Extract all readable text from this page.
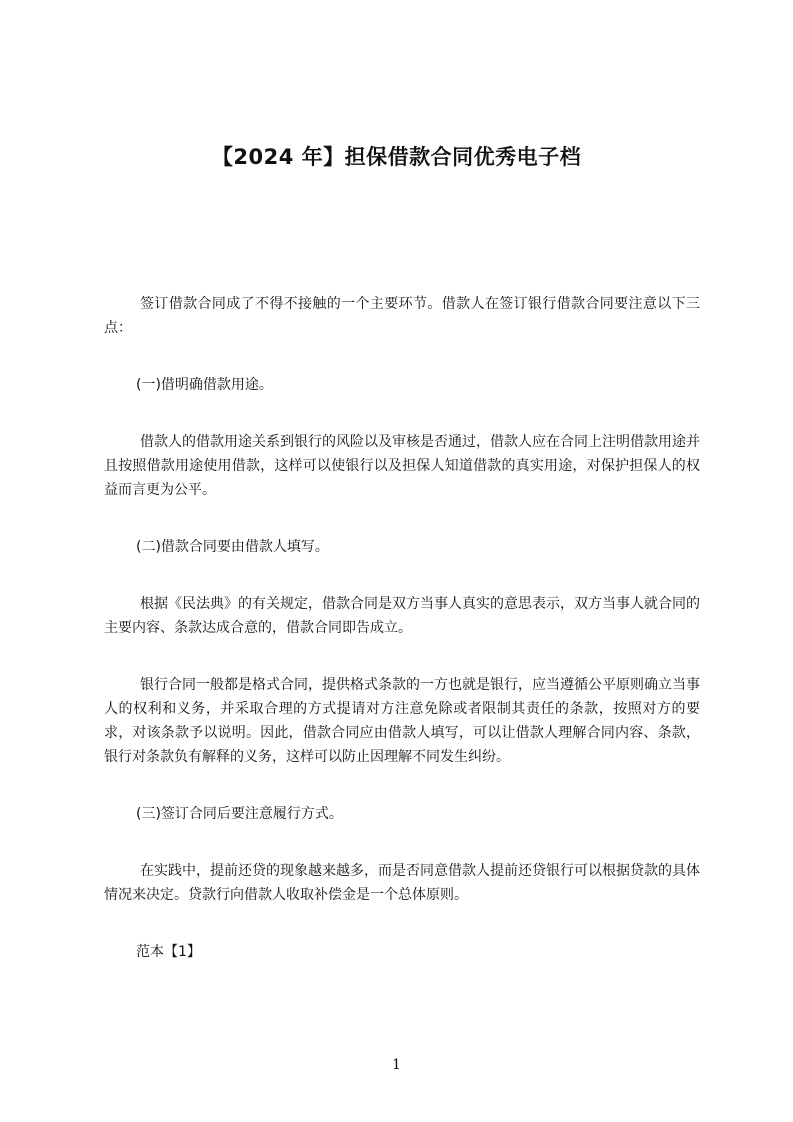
【2024 年】担保借款合同优秀电子档

签订借款合同成了不得不接触的一个主要环节。借款人在签订银行借款合同要注意以下三点：

(一)借明确借款用途。

借款人的借款用途关系到银行的风险以及审核是否通过，借款人应在合同上注明借款用途并且按照借款用途使用借款，这样可以使银行以及担保人知道借款的真实用途，对保护担保人的权益而言更为公平。

(二)借款合同要由借款人填写。

根据《民法典》的有关规定，借款合同是双方当事人真实的意思表示，双方当事人就合同的主要内容、条款达成合意的，借款合同即告成立。

银行合同一般都是格式合同，提供格式条款的一方也就是银行，应当遵循公平原则确立当事人的权利和义务，并采取合理的方式提请对方注意免除或者限制其责任的条款，按照对方的要求，对该条款予以说明。因此，借款合同应由借款人填写，可以让借款人理解合同内容、条款，银行对条款负有解释的义务，这样可以防止因理解不同发生纠纷。

(三)签订合同后要注意履行方式。

在实践中，提前还贷的现象越来越多，而是否同意借款人提前还贷银行可以根据贷款的具体情况来决定。贷款行向借款人收取补偿金是一个总体原则。

范本【1】

1
